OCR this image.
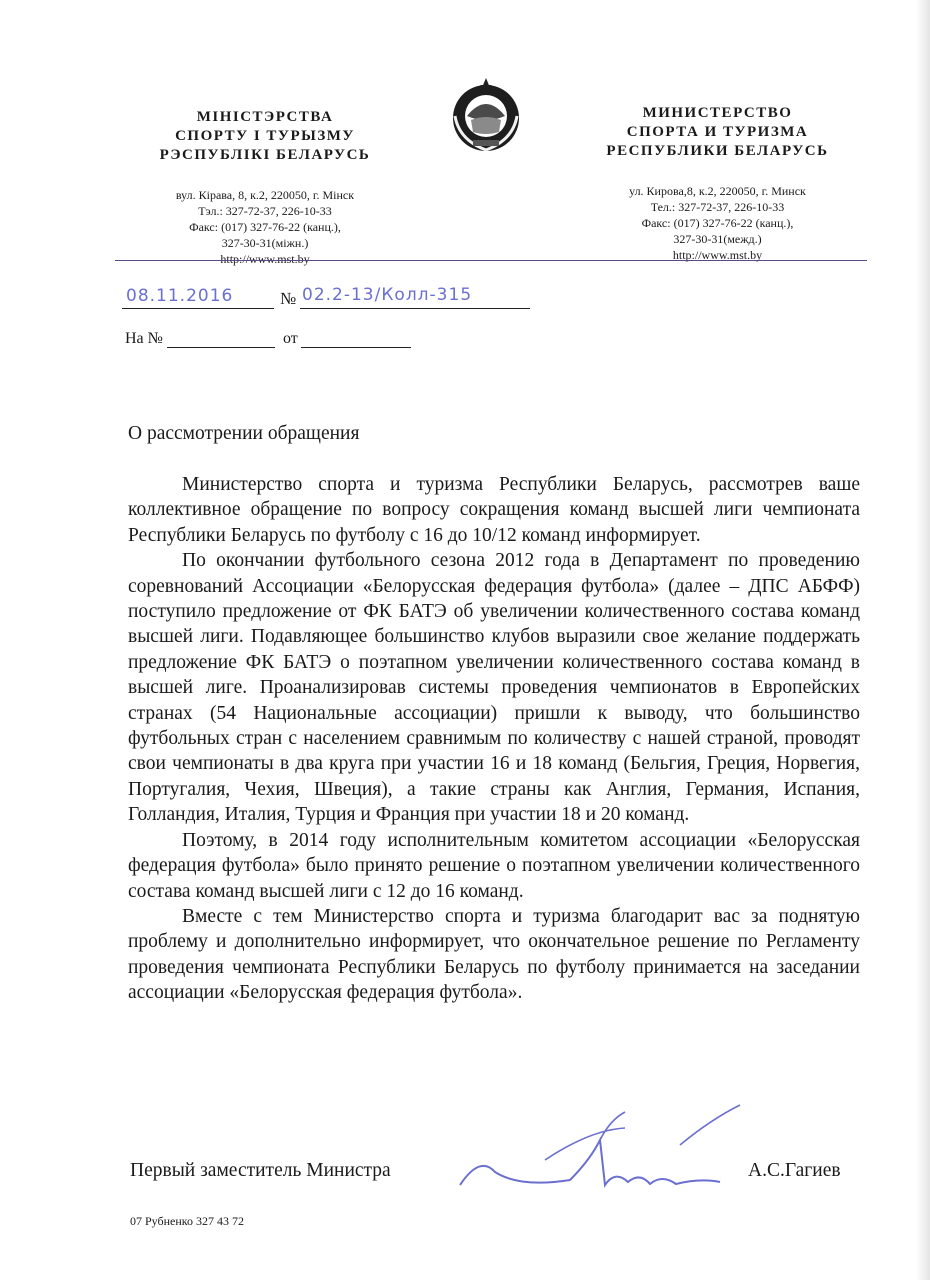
МІНІСТЭРСТВА
СПОРТУ І ТУРЫЗМУ
РЭСПУБЛІКІ БЕЛАРУСЬ
вул. Кірава, 8, к.2, 220050, г. Мінск
Тэл.: 327-72-37, 226-10-33
Факс: (017) 327-76-22 (канц.),
327-30-31(міжн.)
http://www.mst.by
МИНИСТЕРСТВО
СПОРТА И ТУРИЗМА
РЕСПУБЛИКИ БЕЛАРУСЬ
ул. Кирова,8, к.2, 220050, г. Минск
Тел.: 327-72-37, 226-10-33
Факс: (017) 327-76-22 (канц.),
327-30-31(межд.)
http://www.mst.by
08.11.2016	№ 02.2-13/Колл-315
На №	от
О рассмотрении обращения

Министерство спорта и туризма Республики Беларусь, рассмотрев ваше коллективное обращение по вопросу сокращения команд высшей лиги чемпионата Республики Беларусь по футболу с 16 до 10/12 команд информирует.

По окончании футбольного сезона 2012 года в Департамент по проведению соревнований Ассоциации «Белорусская федерация футбола» (далее – ДПС АБФФ) поступило предложение от ФК БАТЭ об увеличении количественного состава команд высшей лиги. Подавляющее большинство клубов выразили свое желание поддержать предложение ФК БАТЭ о поэтапном увеличении количественного состава команд в высшей лиге. Проанализировав системы проведения чемпионатов в Европейских странах (54 Национальные ассоциации) пришли к выводу, что большинство футбольных стран с населением сравнимым по количеству с нашей страной, проводят свои чемпионаты в два круга при участии 16 и 18 команд (Бельгия, Греция, Норвегия, Португалия, Чехия, Швеция), а такие страны как Англия, Германия, Испания, Голландия, Италия, Турция и Франция при участии 18 и 20 команд.

Поэтому, в 2014 году исполнительным комитетом ассоциации «Белорусская федерация футбола» было принято решение о поэтапном увеличении количественного состава команд высшей лиги с 12 до 16 команд.

Вместе с тем Министерство спорта и туризма благодарит вас за поднятую проблему и дополнительно информирует, что окончательное решение по Регламенту проведения чемпионата Республики Беларусь по футболу принимается на заседании ассоциации «Белорусская федерация футбола».

Первый заместитель Министра	А.С.Гагиев
07 Рубненко 327 43 72
